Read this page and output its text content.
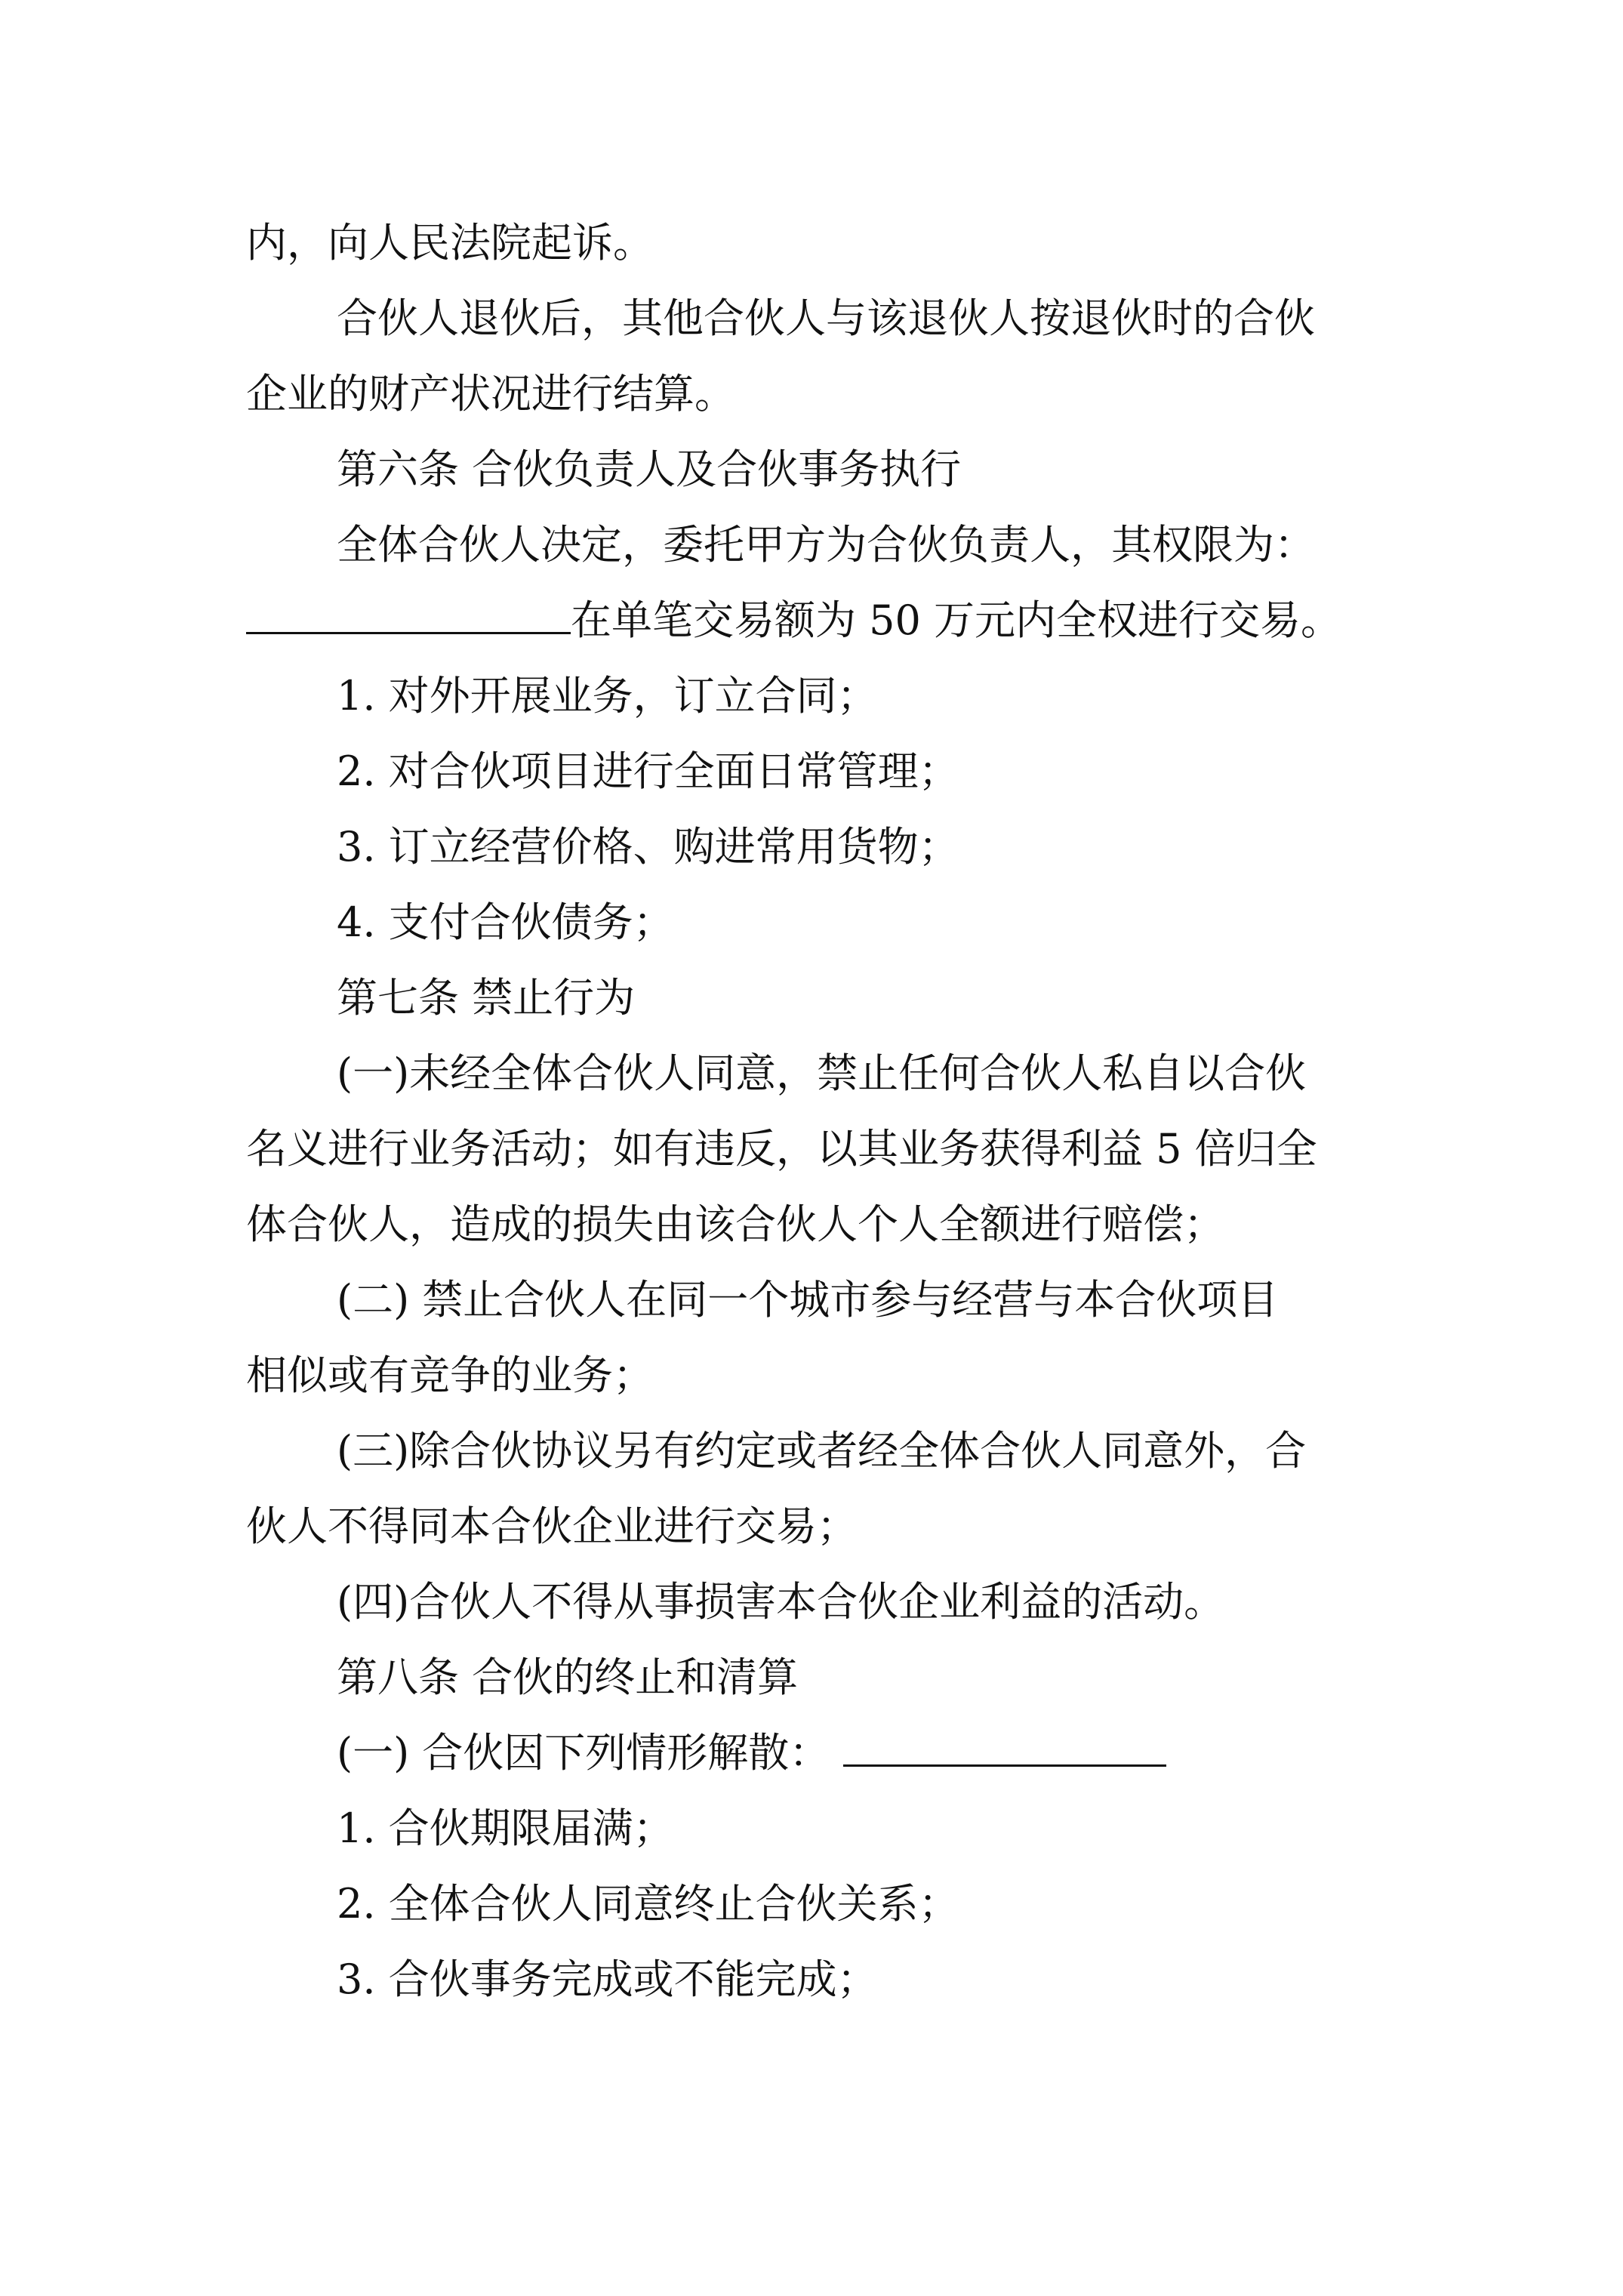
内，向人民法院起诉。
合伙人退伙后，其他合伙人与该退伙人按退伙时的合伙
企业的财产状况进行结算。
第六条 合伙负责人及合伙事务执行
全体合伙人决定，委托甲方为合伙负责人，其权限为：
在单笔交易额为 50 万元内全权进行交易。
1. 对外开展业务，订立合同；
2. 对合伙项目进行全面日常管理；
3. 订立经营价格、购进常用货物；
4. 支付合伙债务；
第七条 禁止行为
(一)未经全体合伙人同意，禁止任何合伙人私自以合伙
名义进行业务活动；如有违反，以其业务获得利益 5 倍归全
体合伙人，造成的损失由该合伙人个人全额进行赔偿；
(二) 禁止合伙人在同一个城市参与经营与本合伙项目
相似或有竞争的业务；
(三)除合伙协议另有约定或者经全体合伙人同意外，合
伙人不得同本合伙企业进行交易；
(四)合伙人不得从事损害本合伙企业利益的活动。
第八条 合伙的终止和清算
(一) 合伙因下列情形解散：
1. 合伙期限届满；
2. 全体合伙人同意终止合伙关系；
3. 合伙事务完成或不能完成；
